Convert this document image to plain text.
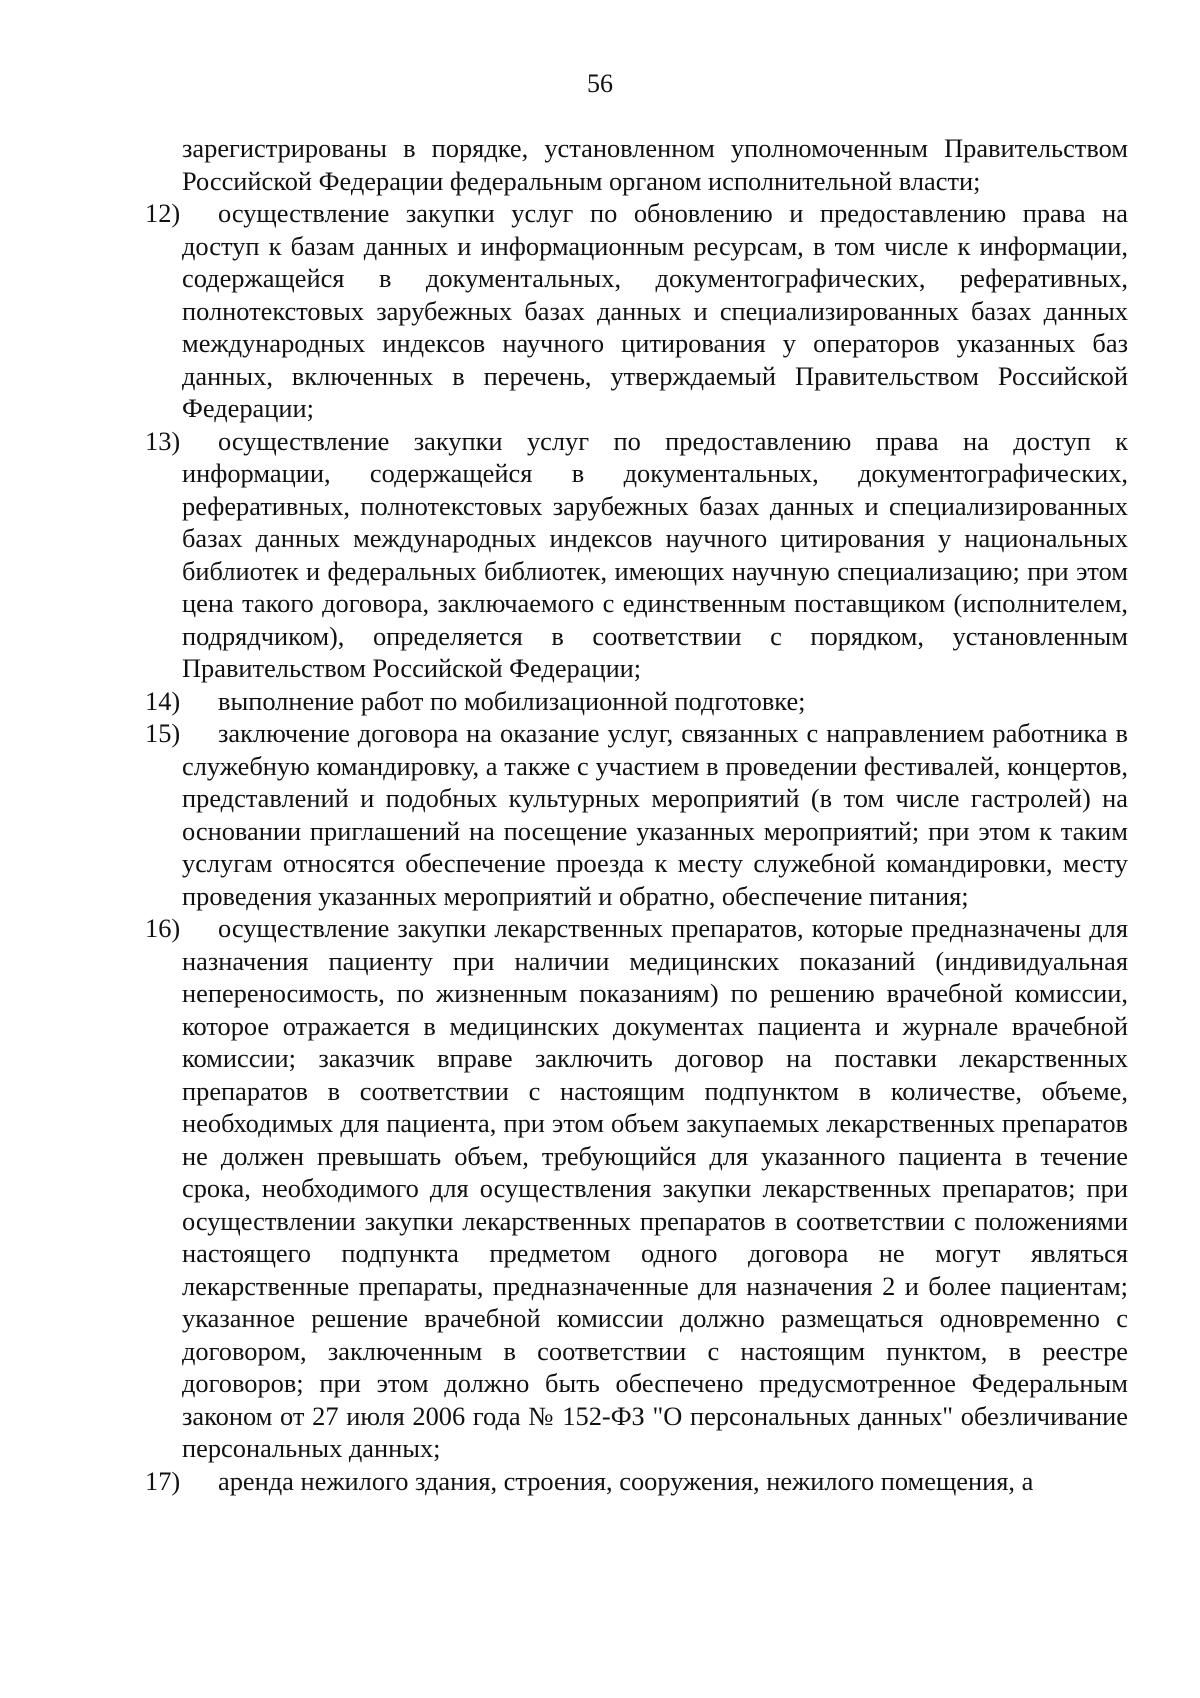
56

зарегистрированы в порядке, установленном уполномоченным Правительством Российской Федерации федеральным органом исполнительной власти;

12) осуществление закупки услуг по обновлению и предоставлению права на доступ к базам данных и информационным ресурсам, в том числе к информации, содержащейся в документальных, документографических, реферативных, полнотекстовых зарубежных базах данных и специализированных базах данных международных индексов научного цитирования у операторов указанных баз данных, включенных в перечень, утверждаемый Правительством Российской Федерации;

13) осуществление закупки услуг по предоставлению права на доступ к информации, содержащейся в документальных, документографических, реферативных, полнотекстовых зарубежных базах данных и специализированных базах данных международных индексов научного цитирования у национальных библиотек и федеральных библиотек, имеющих научную специализацию; при этом цена такого договора, заключаемого с единственным поставщиком (исполнителем, подрядчиком), определяется в соответствии с порядком, установленным Правительством Российской Федерации;

14) выполнение работ по мобилизационной подготовке;

15) заключение договора на оказание услуг, связанных с направлением работника в служебную командировку, а также с участием в проведении фестивалей, концертов, представлений и подобных культурных мероприятий (в том числе гастролей) на основании приглашений на посещение указанных мероприятий; при этом к таким услугам относятся обеспечение проезда к месту служебной командировки, месту проведения указанных мероприятий и обратно, обеспечение питания;

16) осуществление закупки лекарственных препаратов, которые предназначены для назначения пациенту при наличии медицинских показаний (индивидуальная непереносимость, по жизненным показаниям) по решению врачебной комиссии, которое отражается в медицинских документах пациента и журнале врачебной комиссии; заказчик вправе заключить договор на поставки лекарственных препаратов в соответствии с настоящим подпунктом в количестве, объеме, необходимых для пациента, при этом объем закупаемых лекарственных препаратов не должен превышать объем, требующийся для указанного пациента в течение срока, необходимого для осуществления закупки лекарственных препаратов; при осуществлении закупки лекарственных препаратов в соответствии с положениями настоящего подпункта предметом одного договора не могут являться лекарственные препараты, предназначенные для назначения 2 и более пациентам; указанное решение врачебной комиссии должно размещаться одновременно с договором, заключенным в соответствии с настоящим пунктом, в реестре договоров; при этом должно быть обеспечено предусмотренное Федеральным законом от 27 июля 2006 года № 152-ФЗ "О персональных данных" обезличивание персональных данных;

17) аренда нежилого здания, строения, сооружения, нежилого помещения, а
